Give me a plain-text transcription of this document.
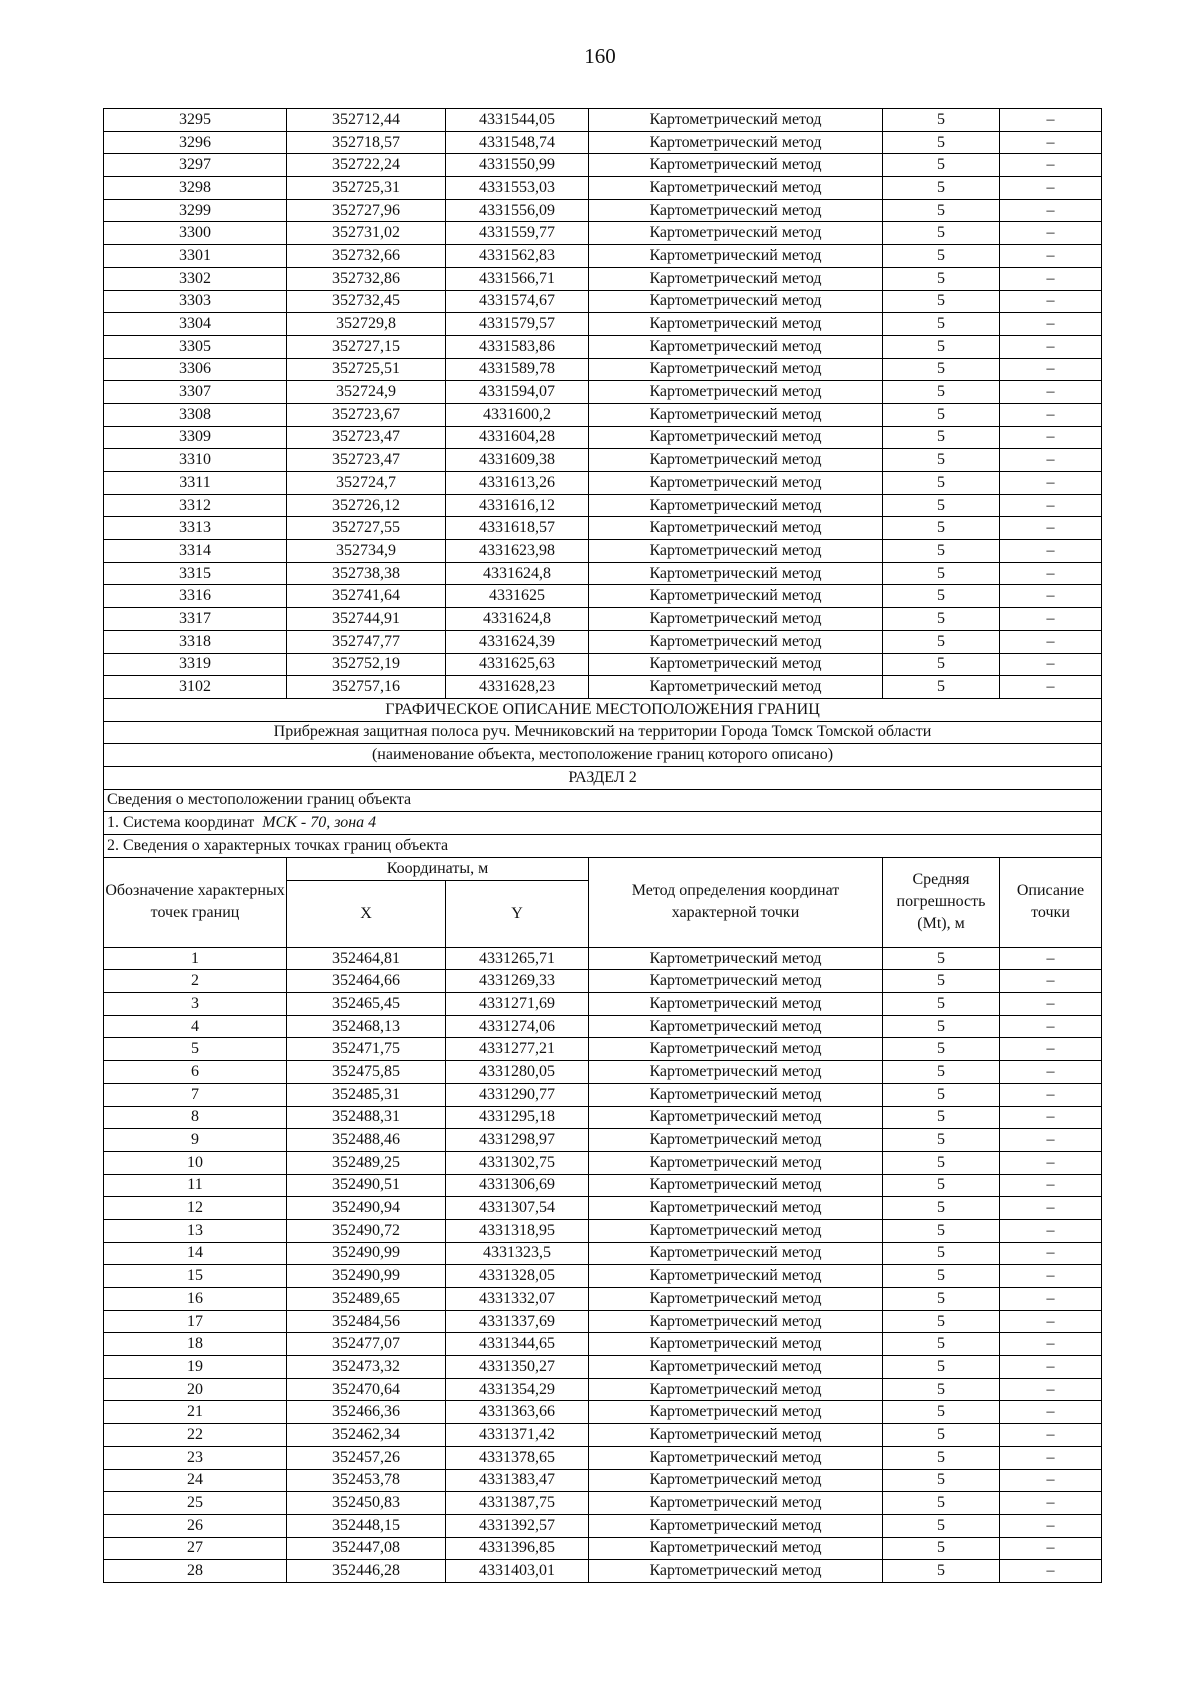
160
3295	352712,44	4331544,05	Картометрический метод	5	–
3296	352718,57	4331548,74	Картометрический метод	5	–
3297	352722,24	4331550,99	Картометрический метод	5	–
3298	352725,31	4331553,03	Картометрический метод	5	–
3299	352727,96	4331556,09	Картометрический метод	5	–
3300	352731,02	4331559,77	Картометрический метод	5	–
3301	352732,66	4331562,83	Картометрический метод	5	–
3302	352732,86	4331566,71	Картометрический метод	5	–
3303	352732,45	4331574,67	Картометрический метод	5	–
3304	352729,8	4331579,57	Картометрический метод	5	–
3305	352727,15	4331583,86	Картометрический метод	5	–
3306	352725,51	4331589,78	Картометрический метод	5	–
3307	352724,9	4331594,07	Картометрический метод	5	–
3308	352723,67	4331600,2	Картометрический метод	5	–
3309	352723,47	4331604,28	Картометрический метод	5	–
3310	352723,47	4331609,38	Картометрический метод	5	–
3311	352724,7	4331613,26	Картометрический метод	5	–
3312	352726,12	4331616,12	Картометрический метод	5	–
3313	352727,55	4331618,57	Картометрический метод	5	–
3314	352734,9	4331623,98	Картометрический метод	5	–
3315	352738,38	4331624,8	Картометрический метод	5	–
3316	352741,64	4331625	Картометрический метод	5	–
3317	352744,91	4331624,8	Картометрический метод	5	–
3318	352747,77	4331624,39	Картометрический метод	5	–
3319	352752,19	4331625,63	Картометрический метод	5	–
3102	352757,16	4331628,23	Картометрический метод	5	–
ГРАФИЧЕСКОЕ ОПИСАНИЕ МЕСТОПОЛОЖЕНИЯ ГРАНИЦ					
Прибрежная защитная полоса руч. Мечниковский на территории Города Томск Томской области					
(наименование объекта, местоположение границ которого описано)					
РАЗДЕЛ 2					
Сведения о местоположении границ объекта					
1. Система координат МСК - 70, зона 4					
2. Сведения о характерных точках границ объекта					
Обозначение характерных точек границ	Координаты, м		Метод определения координат характерной точки	Средняя погрешность (Mt), м	Описание точки
	X	Y			
1	352464,81	4331265,71	Картометрический метод	5	–
2	352464,66	4331269,33	Картометрический метод	5	–
3	352465,45	4331271,69	Картометрический метод	5	–
4	352468,13	4331274,06	Картометрический метод	5	–
5	352471,75	4331277,21	Картометрический метод	5	–
6	352475,85	4331280,05	Картометрический метод	5	–
7	352485,31	4331290,77	Картометрический метод	5	–
8	352488,31	4331295,18	Картометрический метод	5	–
9	352488,46	4331298,97	Картометрический метод	5	–
10	352489,25	4331302,75	Картометрический метод	5	–
11	352490,51	4331306,69	Картометрический метод	5	–
12	352490,94	4331307,54	Картометрический метод	5	–
13	352490,72	4331318,95	Картометрический метод	5	–
14	352490,99	4331323,5	Картометрический метод	5	–
15	352490,99	4331328,05	Картометрический метод	5	–
16	352489,65	4331332,07	Картометрический метод	5	–
17	352484,56	4331337,69	Картометрический метод	5	–
18	352477,07	4331344,65	Картометрический метод	5	–
19	352473,32	4331350,27	Картометрический метод	5	–
20	352470,64	4331354,29	Картометрический метод	5	–
21	352466,36	4331363,66	Картометрический метод	5	–
22	352462,34	4331371,42	Картометрический метод	5	–
23	352457,26	4331378,65	Картометрический метод	5	–
24	352453,78	4331383,47	Картометрический метод	5	–
25	352450,83	4331387,75	Картометрический метод	5	–
26	352448,15	4331392,57	Картометрический метод	5	–
27	352447,08	4331396,85	Картометрический метод	5	–
28	352446,28	4331403,01	Картометрический метод	5	–
